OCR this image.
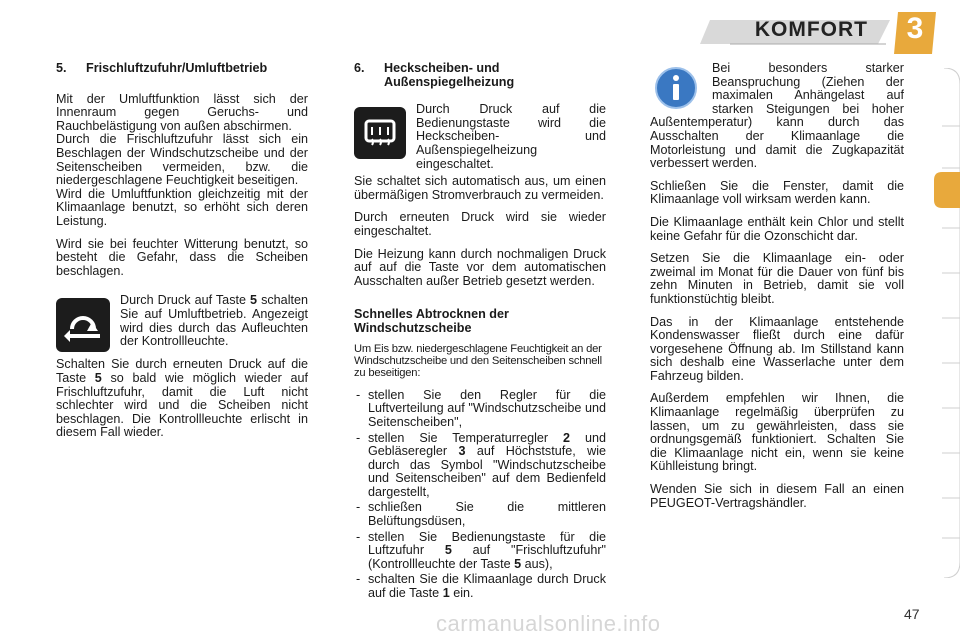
KOMFORT	3
5. Frischluftzufuhr/Umluftbetrieb

Mit der Umluftfunktion lässt sich der Innenraum gegen Geruchs- und Rauchbelästigung von außen abschirmen.

Durch die Frischluftzufuhr lässt sich ein Beschlagen der Windschutzscheibe und der Seitenscheiben vermeiden, bzw. die niedergeschlagene Feuchtigkeit beseitigen.

Wird die Umluftfunktion gleichzeitig mit der Klimaanlage benutzt, so erhöht sich deren Leistung.

Wird sie bei feuchter Witterung benutzt, so besteht die Gefahr, dass die Scheiben beschlagen.

Durch Druck auf Taste 5 schalten Sie auf Umluftbetrieb. Angezeigt wird dies durch das Aufleuchten der Kontrollleuchte.

Schalten Sie durch erneuten Druck auf die Taste 5 so bald wie möglich wieder auf Frischluftzufuhr, damit die Luft nicht schlechter wird und die Scheiben nicht beschlagen. Die Kontrollleuchte erlischt in diesem Fall wieder.

6. Heckscheiben- und
Außenspiegelheizung

Durch Druck auf die Bedienungstaste wird die Heckscheiben- und Außenspiegelheizung eingeschaltet.

Sie schaltet sich automatisch aus, um einen übermäßigen Stromverbrauch zu vermeiden.

Durch erneuten Druck wird sie wieder eingeschaltet.

Die Heizung kann durch nochmaligen Druck auf auf die Taste vor dem automatischen Ausschalten außer Betrieb gesetzt werden.

Schnelles Abtrocknen der Windschutzscheibe

Um Eis bzw. niedergeschlagene Feuchtigkeit an der Windschutzscheibe und den Seitenscheiben schnell zu beseitigen:

- stellen Sie den Regler für die Luftverteilung auf "Windschutzscheibe und Seitenscheiben",
- stellen Sie Temperaturregler 2 und Gebläseregler 3 auf Höchststufe, wie durch das Symbol "Windschutzscheibe und Seitenscheiben" auf dem Bedienfeld dargestellt,
- schließen Sie die mittleren Belüftungsdüsen,
- stellen Sie Bedienungstaste für die Luftzufuhr 5 auf "Frischluftzufuhr" (Kontrollleuchte der Taste 5 aus),
- schalten Sie die Klimaanlage durch Druck auf die Taste 1 ein.

Bei besonders starker Beanspruchung (Ziehen der maximalen Anhängelast auf starken Steigungen bei hoher Außentemperatur) kann durch das Ausschalten der Klimaanlage die Motorleistung und damit die Zugkapazität verbessert werden.

Schließen Sie die Fenster, damit die Klimaanlage voll wirksam werden kann.

Die Klimaanlage enthält kein Chlor und stellt keine Gefahr für die Ozonschicht dar.

Setzen Sie die Klimaanlage ein- oder zweimal im Monat für die Dauer von fünf bis zehn Minuten in Betrieb, damit sie voll funktionstüchtig bleibt.

Das in der Klimaanlage entstehende Kondenswasser fließt durch eine dafür vorgesehene Öffnung ab. Im Stillstand kann sich deshalb eine Wasserlache unter dem Fahrzeug bilden.

Außerdem empfehlen wir Ihnen, die Klimaanlage regelmäßig überprüfen zu lassen, um zu gewährleisten, dass sie ordnungsgemäß funktioniert. Schalten Sie die Klimaanlage nicht ein, wenn sie keine Kühlleistung bringt.

Wenden Sie sich in diesem Fall an einen PEUGEOT-Vertragshändler.

carmanualsonline.info	47
